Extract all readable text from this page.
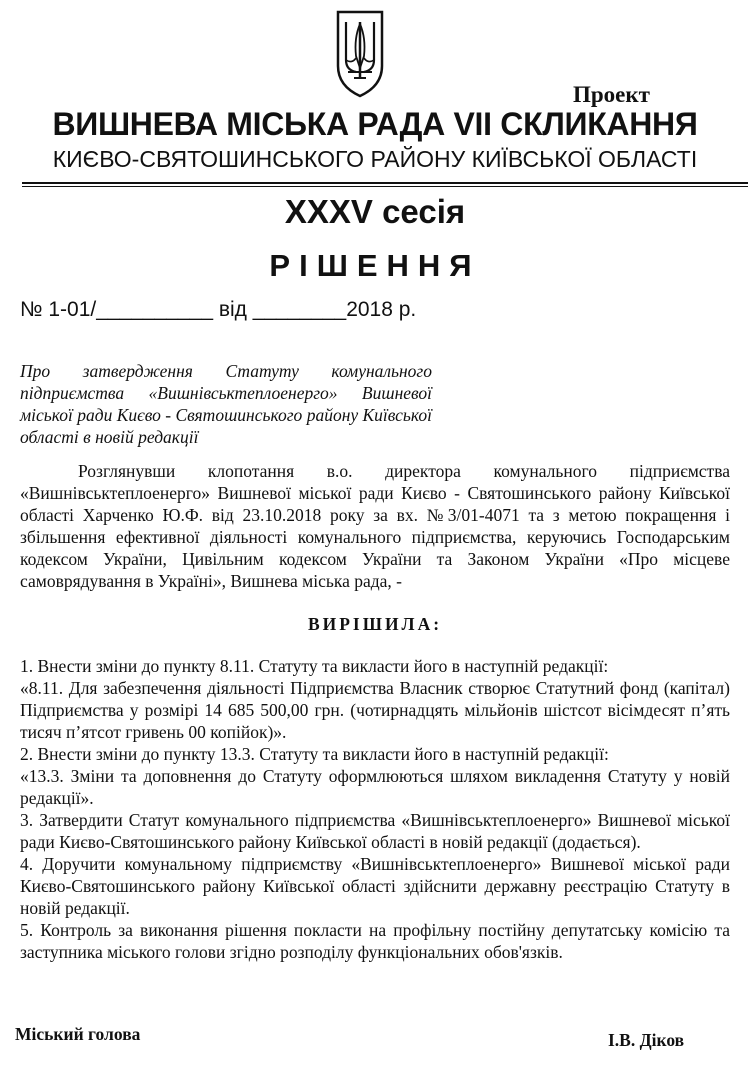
Проект
ВИШНЕВА МІСЬКА РАДА VII СКЛИКАННЯ
КИЄВО-СВЯТОШИНСЬКОГО РАЙОНУ КИЇВСЬКОЇ ОБЛАСТІ
XXXV сесія
РІШЕННЯ
№ 1-01/__________ від ________2018 р.
Про затвердження Статуту комунального підприємства «Вишнівськтеплоенерго» Вишневої міської ради Києво - Святошинського району Київської області в новій редакції
Розглянувши клопотання в.о. директора комунального підприємства «Вишнівськтеплоенерго» Вишневої міської ради Києво - Святошинського району Київської області Харченко Ю.Ф. від 23.10.2018 року за вх. №3/01-4071 та з метою покращення і збільшення ефективної діяльності комунального підприємства, керуючись Господарським кодексом України, Цивільним кодексом України та Законом України «Про місцеве самоврядування в Україні», Вишнева міська рада, -
ВИРІШИЛА:

1. Внести зміни до пункту 8.11. Статуту та викласти його в наступній редакції:

«8.11. Для забезпечення діяльності Підприємства Власник створює Статутний фонд (капітал) Підприємства у розмірі 14 685 500,00 грн. (чотирнадцять мільйонів шістсот вісімдесят п’ять тисяч п’ятсот гривень 00 копійок)».

2. Внести зміни до пункту 13.3. Статуту та викласти його в наступній редакції:

«13.3. Зміни та доповнення до Статуту оформлюються шляхом викладення Статуту у новій редакції».

3. Затвердити Статут комунального підприємства «Вишнівськтеплоенерго» Вишневої міської ради Києво-Святошинського району Київської області в новій редакції (додається).

4. Доручити комунальному підприємству «Вишнівськтеплоенерго» Вишневої міської ради Києво-Святошинського району Київської області здійснити державну реєстрацію Статуту в новій редакції.

5. Контроль за виконання рішення покласти на профільну постійну депутатську комісію та заступника міського голови згідно розподілу функціональних обов'язків.

Міський голова	І.В. Діков
